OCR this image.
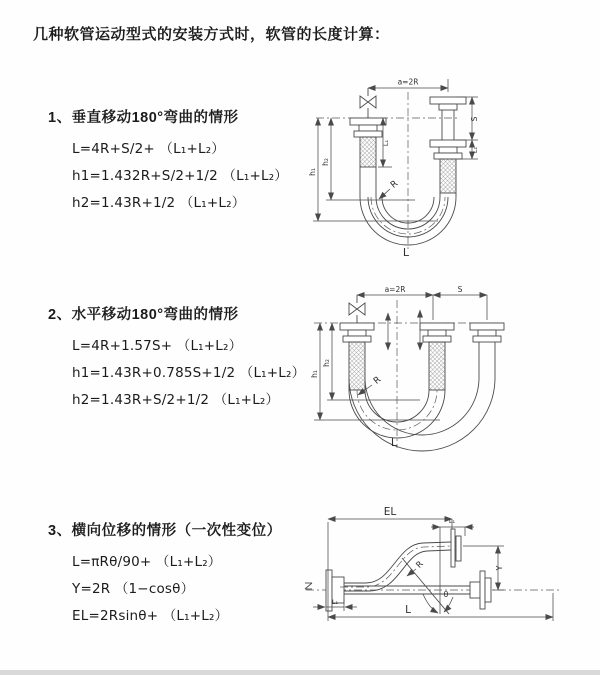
几种软管运动型式的安装方式时，软管的长度计算：
1、垂直移动180°弯曲的情形
L=4R+S/2+ （L₁+L₂）
h1=1.432R+S/2+1/2 （L₁+L₂）
h2=1.43R+1/2 （L₁+L₂）
2、水平移动180°弯曲的情形
L=4R+1.57S+ （L₁+L₂）
h1=1.43R+0.785S+1/2 （L₁+L₂）
h2=1.43R+S/2+1/2 （L₁+L₂）
3、横向位移的情形（一次性变位）
L=πRθ/90+ （L₁+L₂）
Y=2R （1−cosθ）
EL=2Rsinθ+ （L₁+L₂）
a=2R
h₁
h₂
L₁
S
L₁
R
L
a=2R	S
h₁
h₂
R
L
EL
L₁
Y
θ
R
L
L₁
